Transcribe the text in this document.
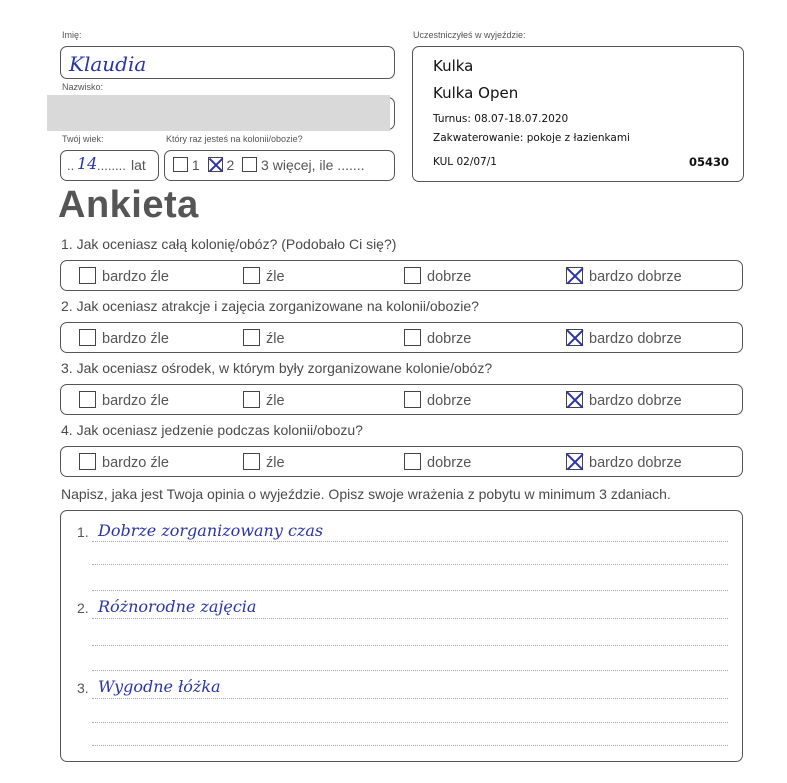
Imię:
Klaudia
Nazwisko:
Twój wiek:
.. 14 ........ lat
Który raz jesteś na kolonii/obozie?
1 2 3 więcej, ile .......
Uczestniczyłeś w wyjeździe:
Kulka
Kulka Open
Turnus: 08.07-18.07.2020
Zakwaterowanie: pokoje z łazienkami
KUL 02/07/1	05430
Ankieta
1. Jak oceniasz całą kolonię/obóz? (Podobało Ci się?)
bardzo źle	źle	dobrze	bardzo dobrze
2. Jak oceniasz atrakcje i zajęcia zorganizowane na kolonii/obozie?
bardzo źle	źle	dobrze	bardzo dobrze
3. Jak oceniasz ośrodek, w którym były zorganizowane kolonie/obóz?
bardzo źle	źle	dobrze	bardzo dobrze
4. Jak oceniasz jedzenie podczas kolonii/obozu?
bardzo źle	źle	dobrze	bardzo dobrze
Napisz, jaka jest Twoja opinia o wyjeździe. Opisz swoje wrażenia z pobytu w minimum 3 zdaniach.
1. Dobrze zorganizowany czas
2. Różnorodne zajęcia
3. Wygodne łóżka
